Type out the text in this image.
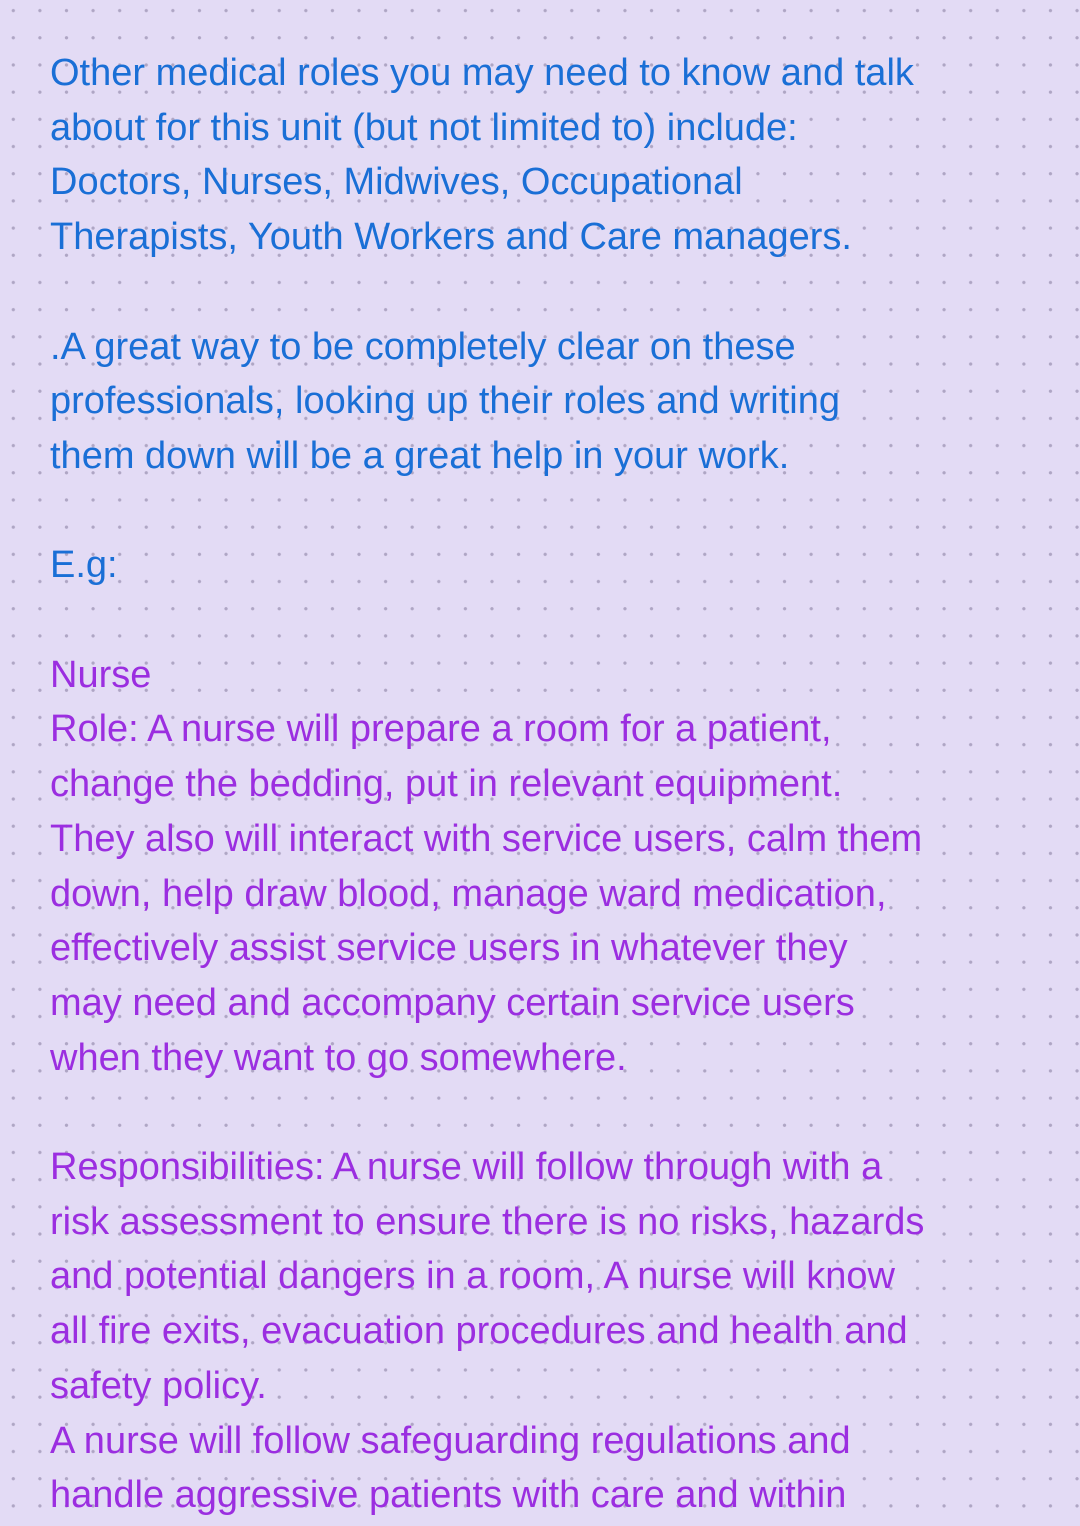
Other medical roles you may need to know and talk
about for this unit (but not limited to) include:
Doctors, Nurses, Midwives, Occupational
Therapists, Youth Workers and Care managers.
.A great way to be completely clear on these
professionals, looking up their roles and writing
them down will be a great help in your work.
E.g:
Nurse
Role: A nurse will prepare a room for a patient,
change the bedding, put in relevant equipment.
They also will interact with service users, calm them
down, help draw blood, manage ward medication,
effectively assist service users in whatever they
may need and accompany certain service users
when they want to go somewhere.
Responsibilities: A nurse will follow through with a
risk assessment to ensure there is no risks, hazards
and potential dangers in a room, A nurse will know
all fire exits, evacuation procedures and health and
safety policy.
A nurse will follow safeguarding regulations and
handle aggressive patients with care and within
